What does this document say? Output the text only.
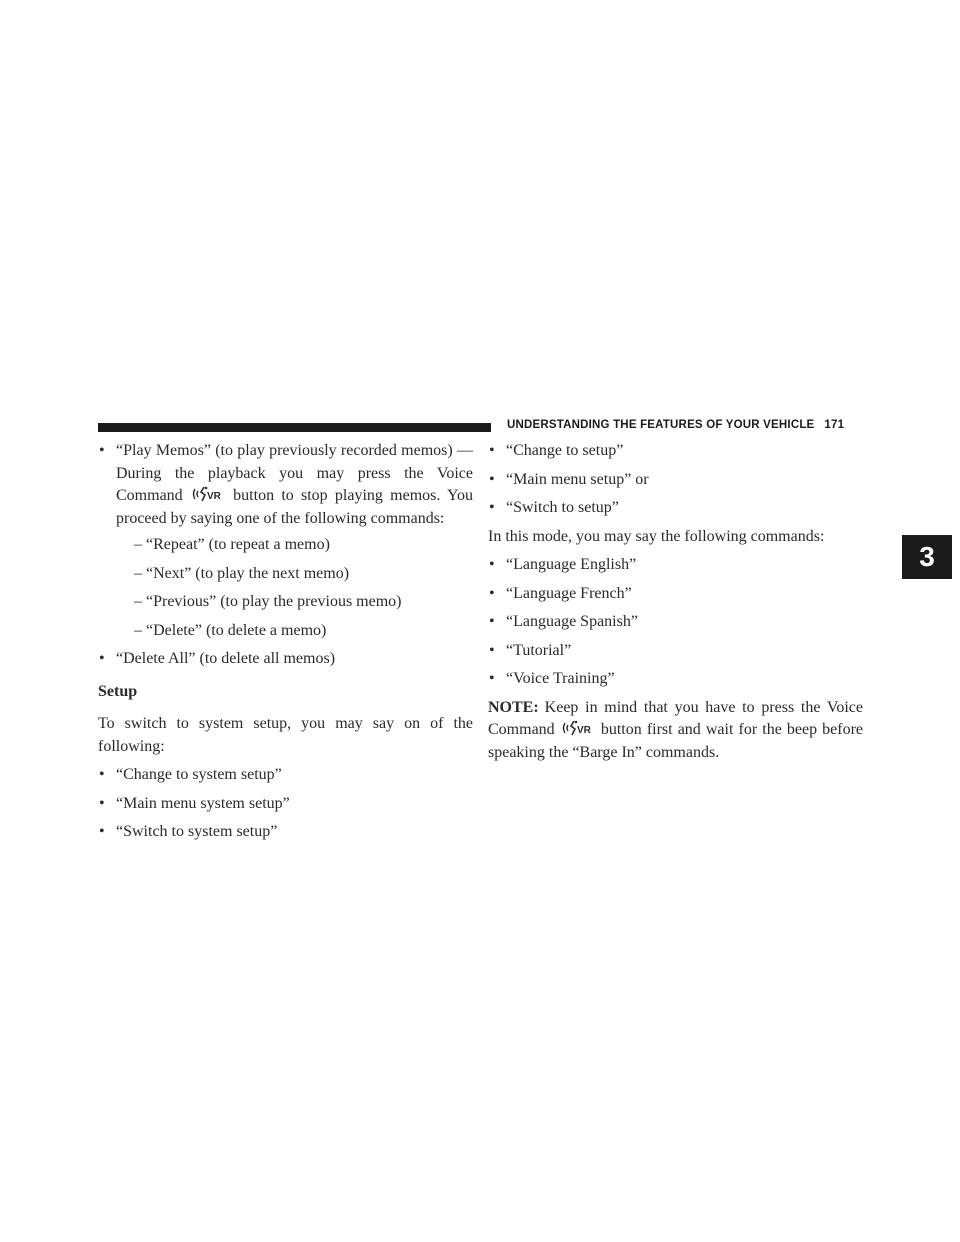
UNDERSTANDING THE FEATURES OF YOUR VEHICLE 171
3
• “Play Memos” (to play previously recorded memos) — During the playback you may press the Voice Command VR button to stop playing memos. You proceed by saying one of the following commands:
– “Repeat” (to repeat a memo)
– “Next” (to play the next memo)
– “Previous” (to play the previous memo)
– “Delete” (to delete a memo)
• “Delete All” (to delete all memos)
Setup
To switch to system setup, you may say on of the following:
• “Change to system setup”
• “Main menu system setup”
• “Switch to system setup”
• “Change to setup”
• “Main menu setup” or
• “Switch to setup”
In this mode, you may say the following commands:
• “Language English”
• “Language French”
• “Language Spanish”
• “Tutorial”
• “Voice Training”
NOTE: Keep in mind that you have to press the Voice Command VR button first and wait for the beep before speaking the “Barge In” commands.
